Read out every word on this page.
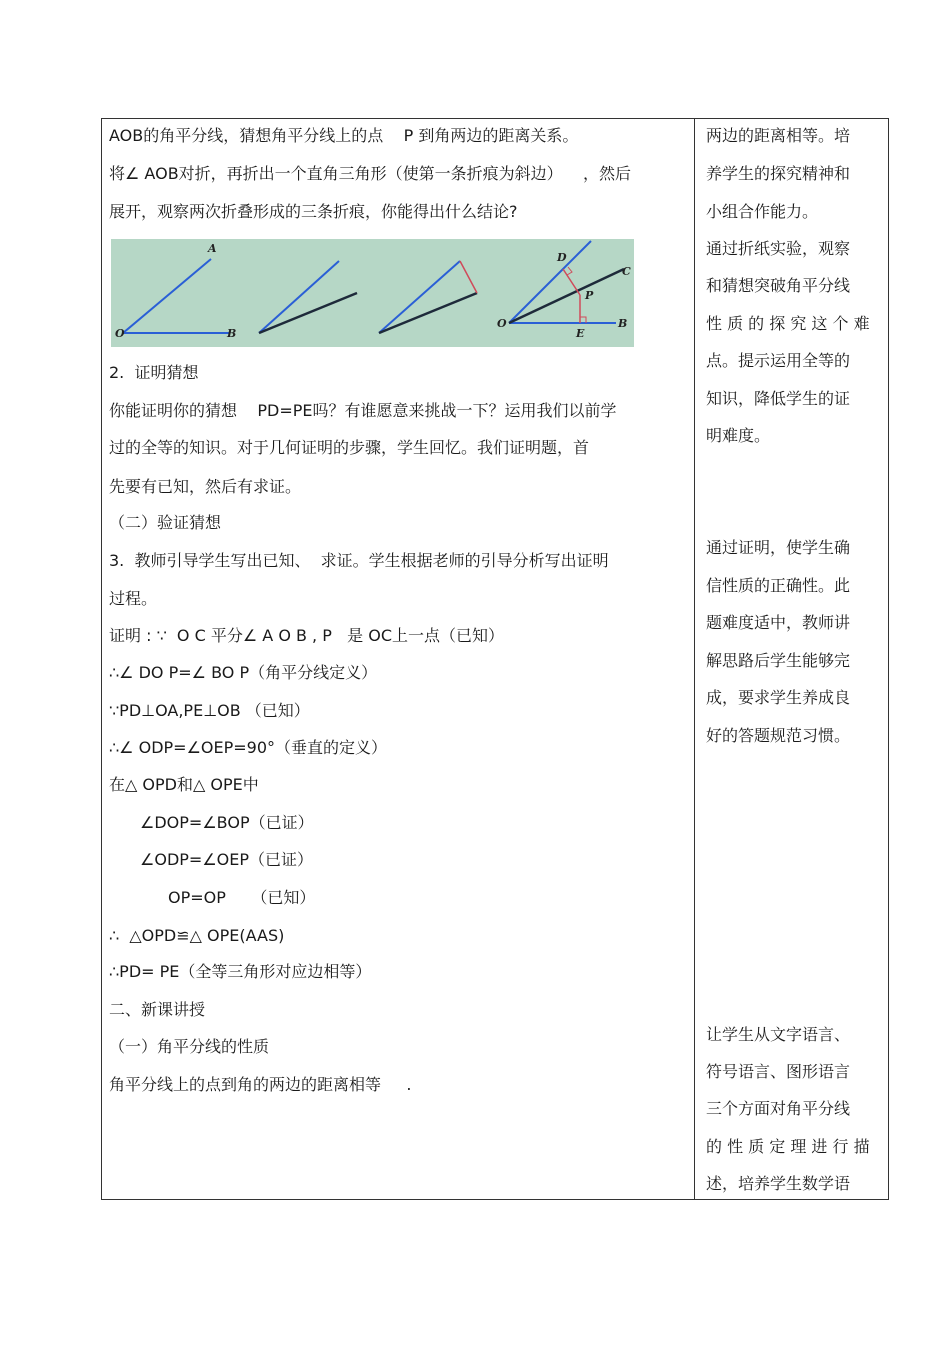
AOB的角平分线，猜想角平分线上的点    P 到角两边的距离关系。
将∠ AOB对折，再折出一个直角三角形（使第一条折痕为斜边）    ，然后
展开，观察两次折叠形成的三条折痕，你能得出什么结论?
A
O	B
D
C
P
O
E
B
2.  证明猜想
你能证明你的猜想    PD=PE吗？有谁愿意来挑战一下？运用我们以前学
过的全等的知识。对于几何证明的步骤，学生回忆。我们证明题，首
先要有已知，然后有求证。
（二）验证猜想
3.  教师引导学生写出已知、  求证。学生根据老师的引导分析写出证明
过程。
证明 : ∵  O C 平分∠ A O B , P   是 OC上一点（已知）
∴∠ DO P=∠ BO P（角平分线定义）
∵PD⊥OA,PE⊥OB （已知）
∴∠ ODP=∠OEP=90°（垂直的定义）
在△ OPD和△ OPE中
∠DOP=∠BOP（已证）
∠ODP=∠OEP（已证）
OP=OP     （已知）
∴  △OPD≌△ OPE(AAS)
∴PD= PE（全等三角形对应边相等）
二、新课讲授
（一）角平分线的性质
角平分线上的点到角的两边的距离相等     .
两边的距离相等。培
养学生的探究精神和
小组合作能力。
通过折纸实验，观察
和猜想突破角平分线
性 质 的 探 究 这 个 难
点。提示运用全等的
知识，降低学生的证
明难度。
通过证明，使学生确
信性质的正确性。此
题难度适中，教师讲
解思路后学生能够完
成，要求学生养成良
好的答题规范习惯。
让学生从文字语言、
符号语言、图形语言
三个方面对角平分线
的 性 质 定 理 进 行 描
述，培养学生数学语
